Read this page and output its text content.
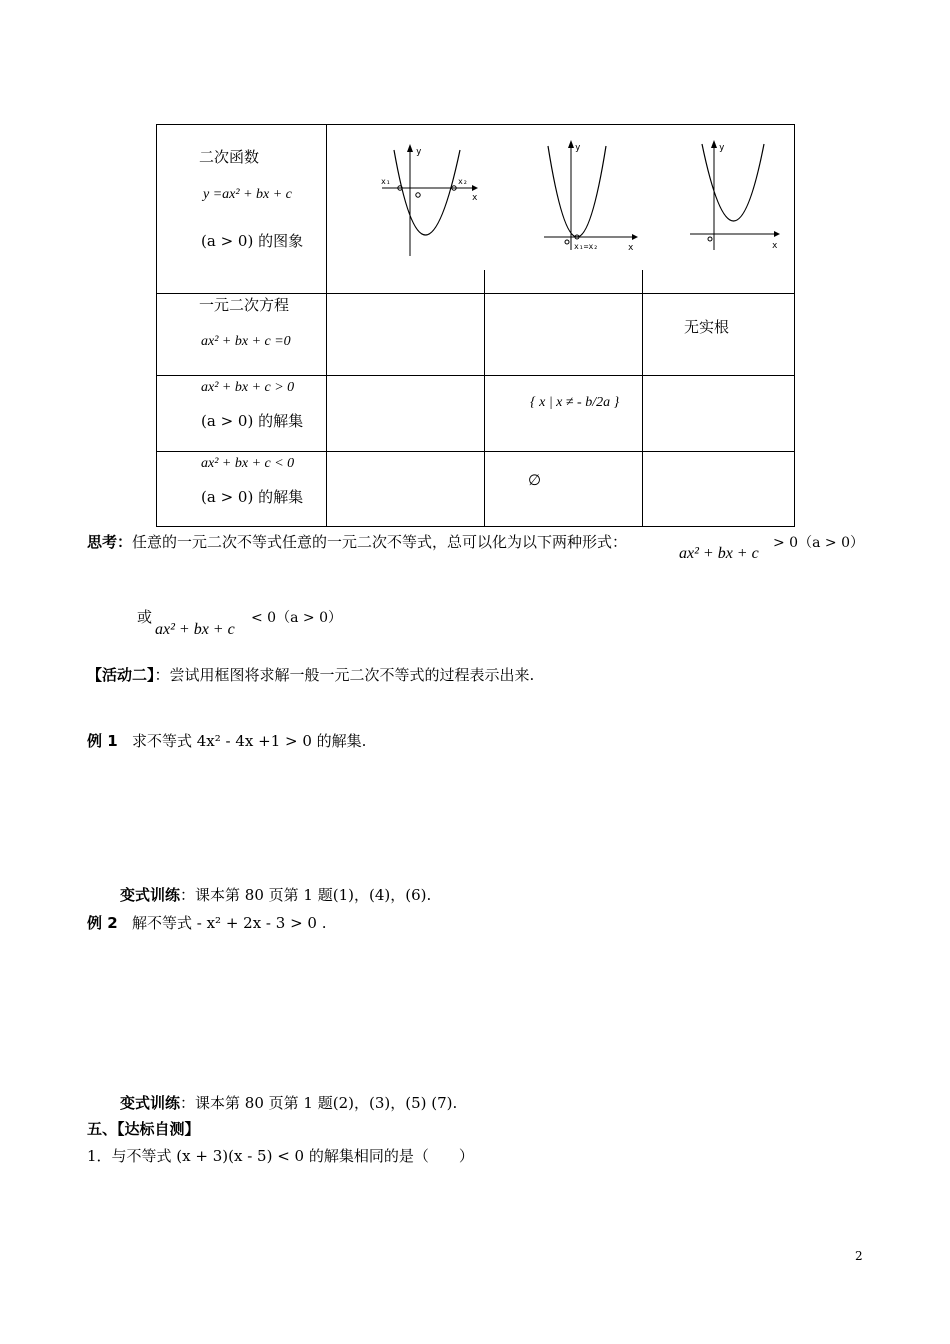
二次函数
y =ax² + bx + c
(a > 0) 的图象
y
x
x₁	x₂
y
x
x₁=x₂
y
x
一元二次方程
ax² + bx + c =0
无实根
ax² + bx + c > 0
(a > 0) 的解集
{ x | x ≠ - b/2a }
ax² + bx + c < 0
(a > 0) 的解集
∅
思考：任意的一元二次不等式任意的一元二次不等式，总可以化为以下两种形式：
ax² + bx + c
> 0（a > 0）
或
ax² + bx + c
< 0（a > 0）
【活动二】：尝试用框图将求解一般一元二次不等式的过程表示出来.
例 1 求不等式 4x² - 4x +1 > 0 的解集.
变式训练：课本第 80 页第 1 题(1)，(4)，(6).
例 2 解不等式 - x² + 2x - 3 > 0 .
变式训练：课本第 80 页第 1 题(2)，(3)，(5) (7).
五、【达标自测】
1．与不等式 (x + 3)(x - 5) < 0 的解集相同的是（　　）
2
